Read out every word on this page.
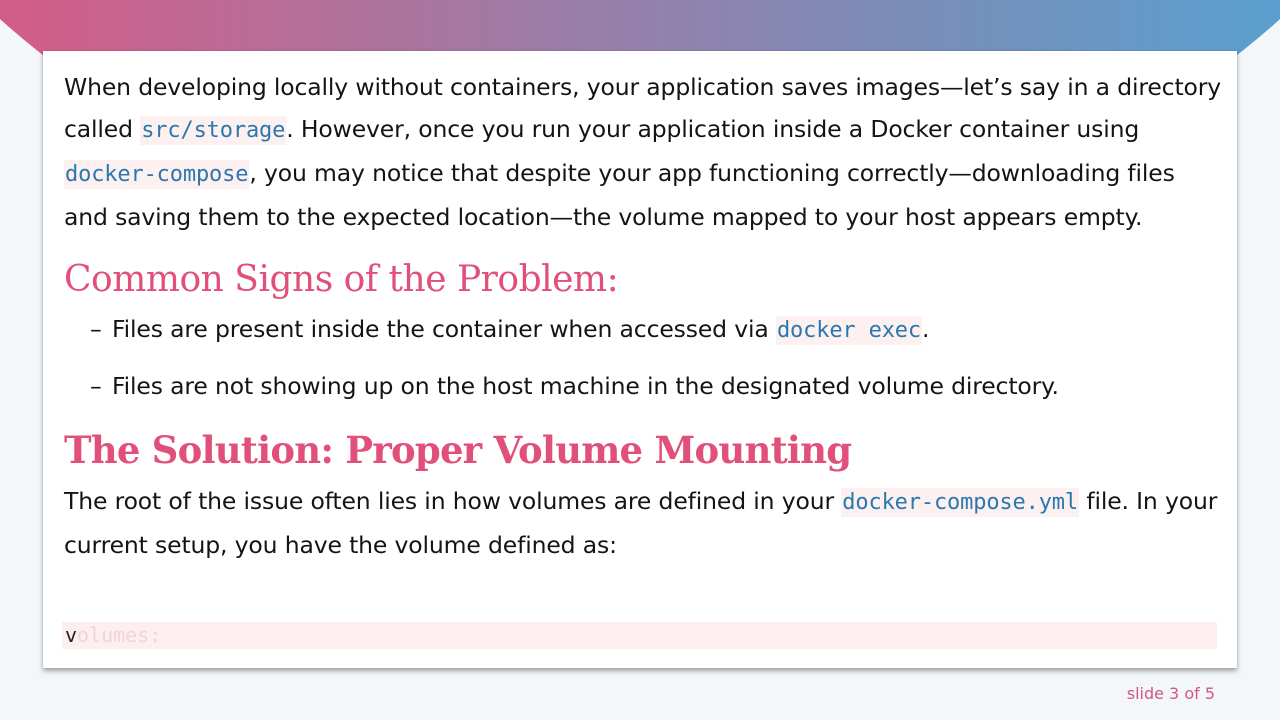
When developing locally without containers, your application saves images—let’s say in a directory called src/storage. However, once you run your application inside a Docker container using docker-compose, you may notice that despite your app functioning correctly—downloading files and saving them to the expected location—the volume mapped to your host appears empty.

Common Signs of the Problem:
– Files are present inside the container when accessed via docker exec.
– Files are not showing up on the host machine in the designated volume directory.
The Solution: Proper Volume Mounting

The root of the issue often lies in how volumes are defined in your docker-compose.yml file. In your current setup, you have the volume defined as:

volumes:
slide 3 of 5
